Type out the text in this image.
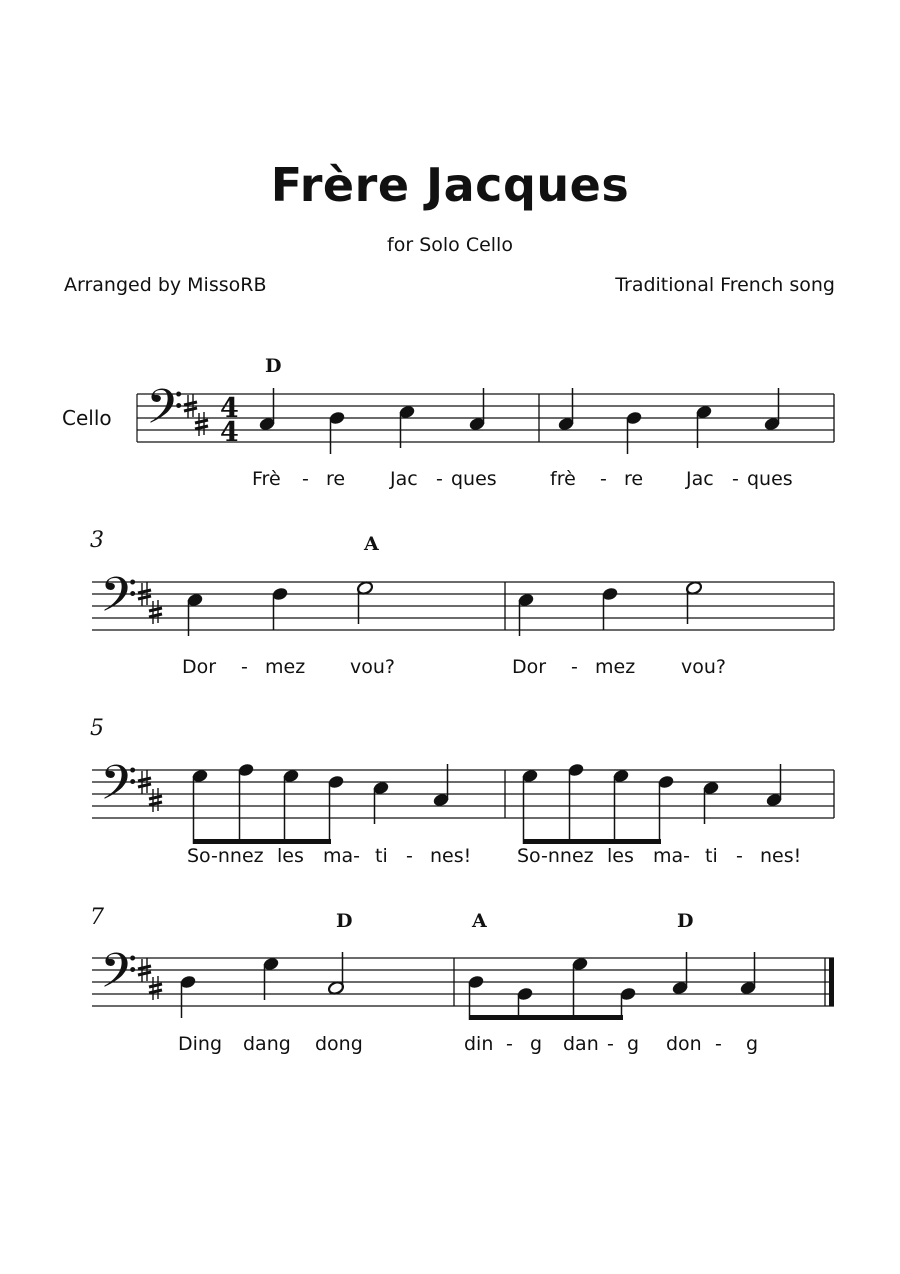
Frère Jacques
for Solo Cello
Arranged by MissoRB	Traditional French song
Cello
3
5
7
D
A
D	A	D
Frè - re Jac - ques	frè - re Jac - ques
Dor - mez vou?	Dor - mez vou?
So-nnez les ma- ti - nes! So-nnez les ma- ti - nes!
Ding dang dong	din - g dan - g don - g
𝄢 4
4
𝄢
𝄢
𝄢
